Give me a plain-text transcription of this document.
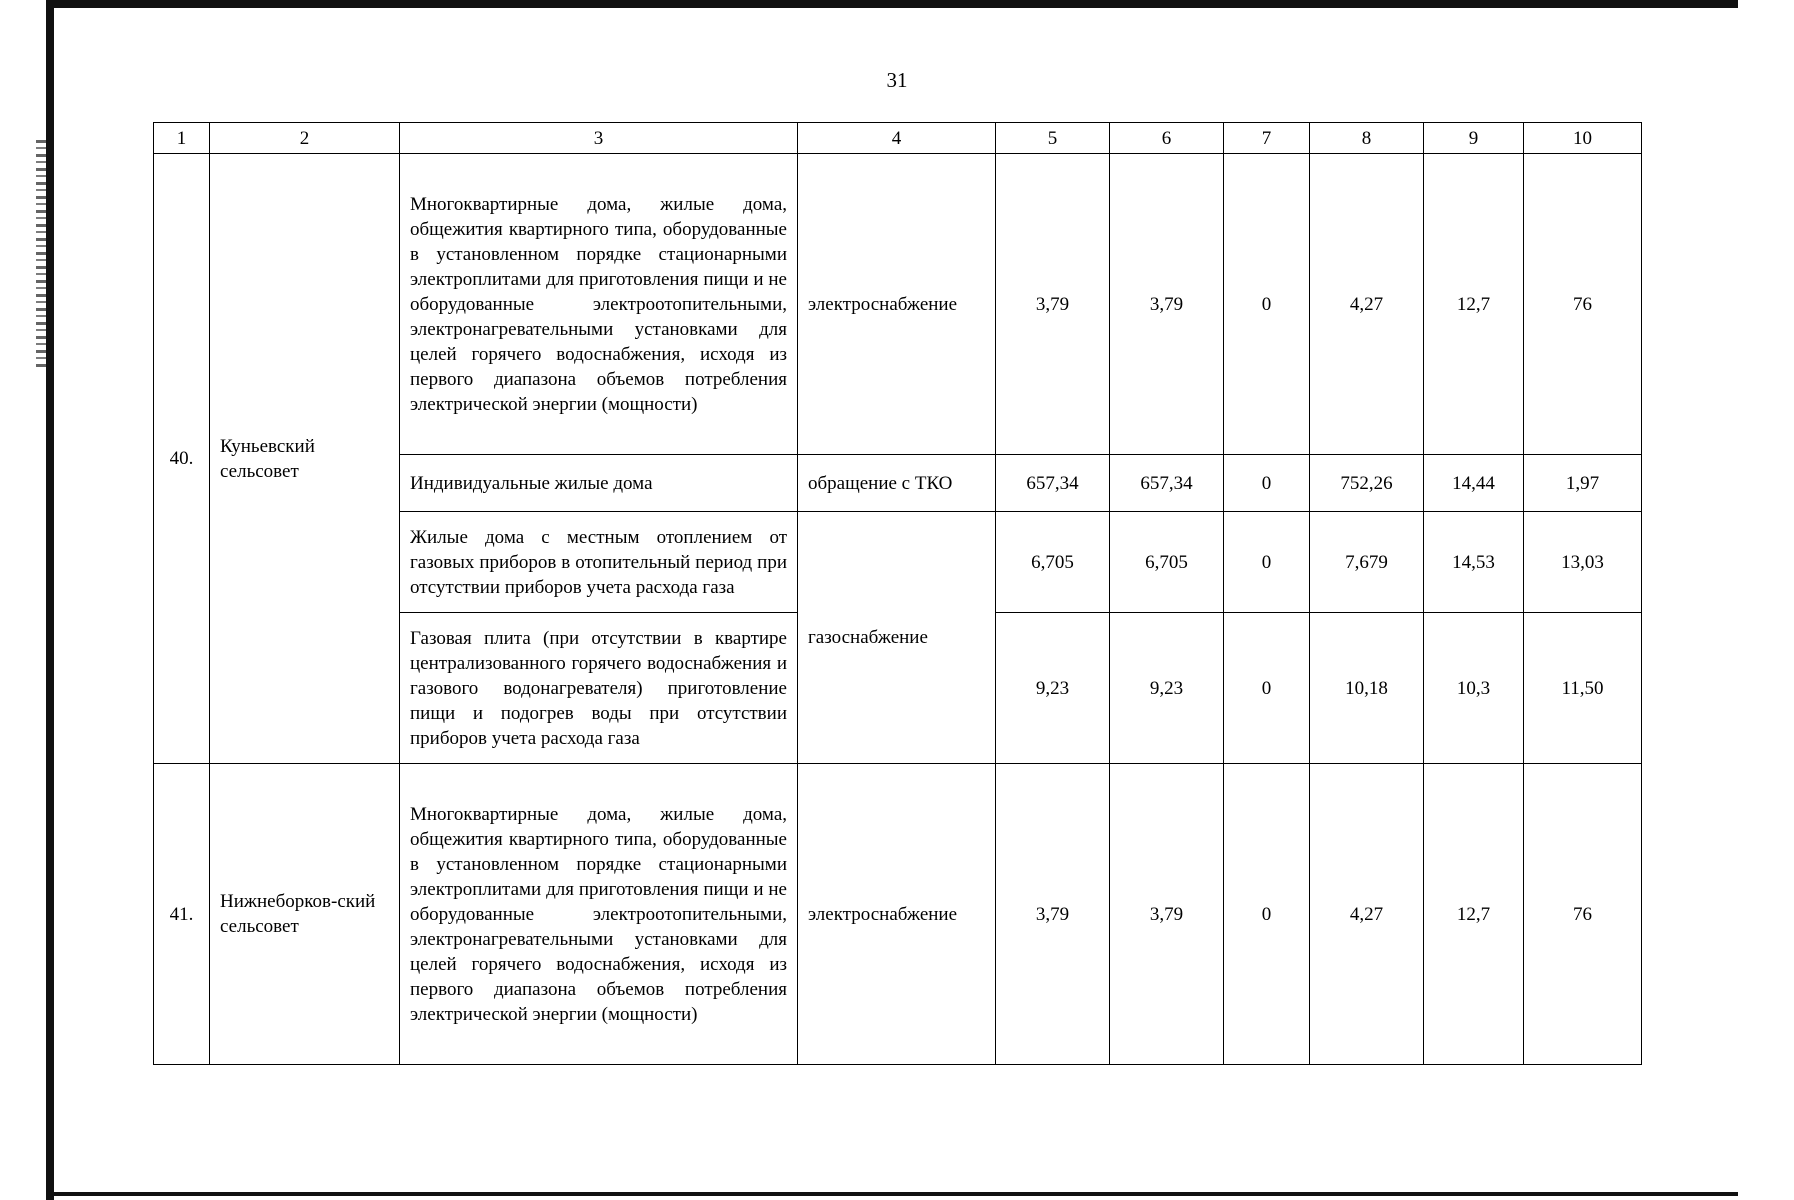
31
1	2	3	4	5	6	7	8	9	10
40.	Куньевский сельсовет	Многоквартирные дома, жилые дома, общежития квартирного типа, оборудованные в установленном порядке стационарными электроплитами для приготовления пищи и не оборудованные электроотопительными, электронагревательными установками для целей горячего водоснабжения, исходя из первого диапазона объемов потребления электрической энергии (мощности)	электроснабжение	3,79	3,79	0	4,27	12,7	76
		Индивидуальные жилые дома	обращение с ТКО	657,34	657,34	0	752,26	14,44	1,97
		Жилые дома с местным отоплением от газовых приборов в отопительный период при отсутствии приборов учета расхода газа	газоснабжение	6,705	6,705	0	7,679	14,53	13,03
		Газовая плита (при отсутствии в квартире централизованного горячего водоснабжения и газового водонагревателя) приготовление пищи и подогрев воды при отсутствии приборов учета расхода газа		9,23	9,23	0	10,18	10,3	11,50
41.	Нижнеборков-ский сельсовет	Многоквартирные дома, жилые дома, общежития квартирного типа, оборудованные в установленном порядке стационарными электроплитами для приготовления пищи и не оборудованные электроотопительными, электронагревательными установками для целей горячего водоснабжения, исходя из первого диапазона объемов потребления электрической энергии (мощности)	электроснабжение	3,79	3,79	0	4,27	12,7	76
